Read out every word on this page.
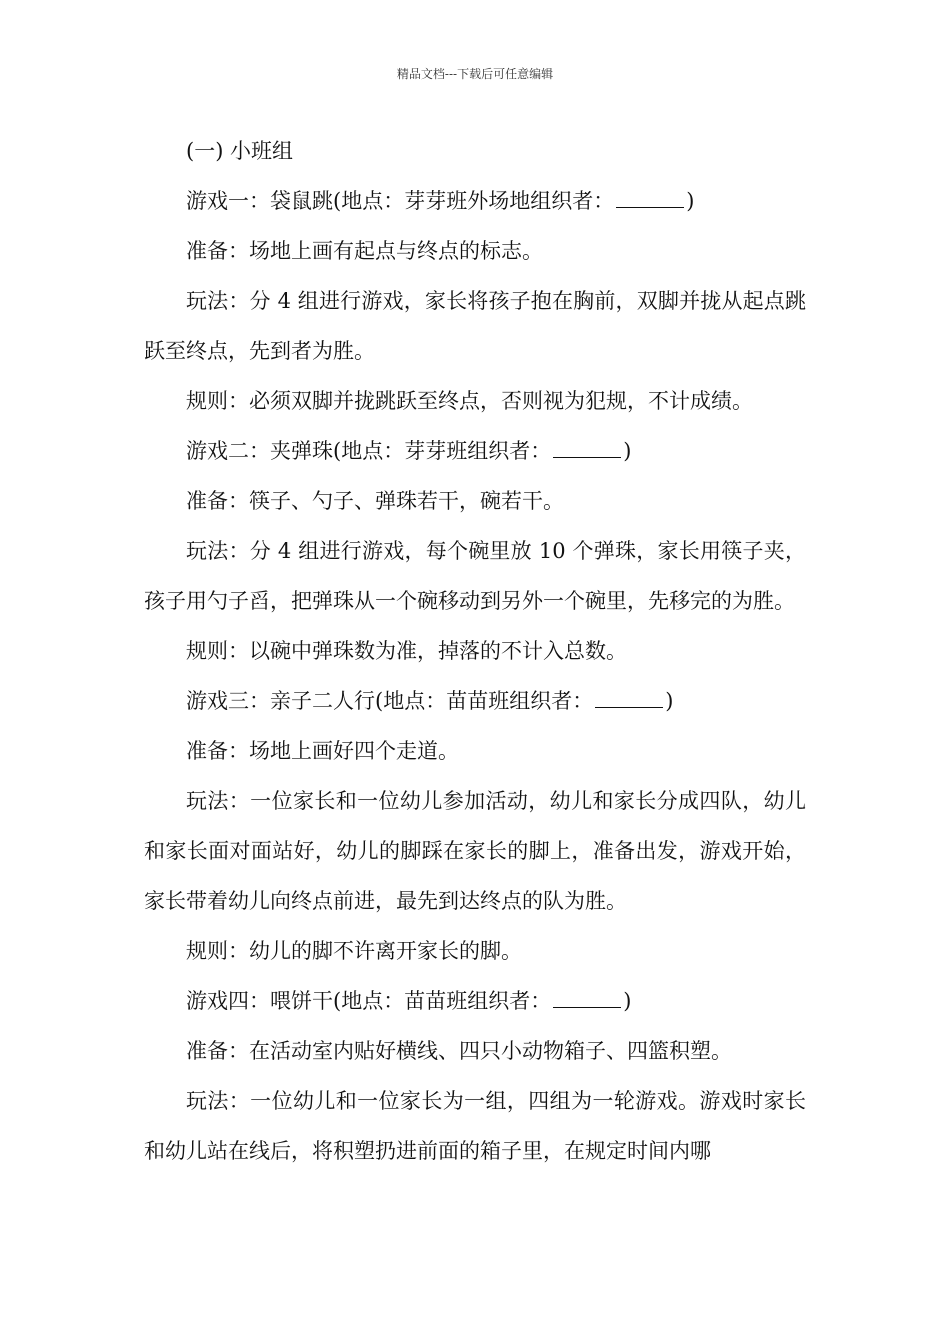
精品文档---下载后可任意编辑

(一) 小班组

游戏一：袋鼠跳(地点：芽芽班外场地组织者：	)

准备：场地上画有起点与终点的标志。

玩法：分 4 组进行游戏，家长将孩子抱在胸前，双脚并拢从起点跳跃至终点，先到者为胜。

规则：必须双脚并拢跳跃至终点，否则视为犯规，不计成绩。

游戏二：夹弹珠(地点：芽芽班组织者：	)

准备：筷子、勺子、弹珠若干，碗若干。

玩法：分 4 组进行游戏，每个碗里放 10 个弹珠，家长用筷子夹，孩子用勺子舀，把弹珠从一个碗移动到另外一个碗里，先移完的为胜。

规则：以碗中弹珠数为准，掉落的不计入总数。

游戏三：亲子二人行(地点：苗苗班组织者：	)

准备：场地上画好四个走道。

玩法：一位家长和一位幼儿参加活动，幼儿和家长分成四队，幼儿和家长面对面站好，幼儿的脚踩在家长的脚上，准备出发，游戏开始，家长带着幼儿向终点前进，最先到达终点的队为胜。

规则：幼儿的脚不许离开家长的脚。

游戏四：喂饼干(地点：苗苗班组织者：	)

准备：在活动室内贴好横线、四只小动物箱子、四篮积塑。

玩法：一位幼儿和一位家长为一组，四组为一轮游戏。游戏时家长和幼儿站在线后，将积塑扔进前面的箱子里，在规定时间内哪
